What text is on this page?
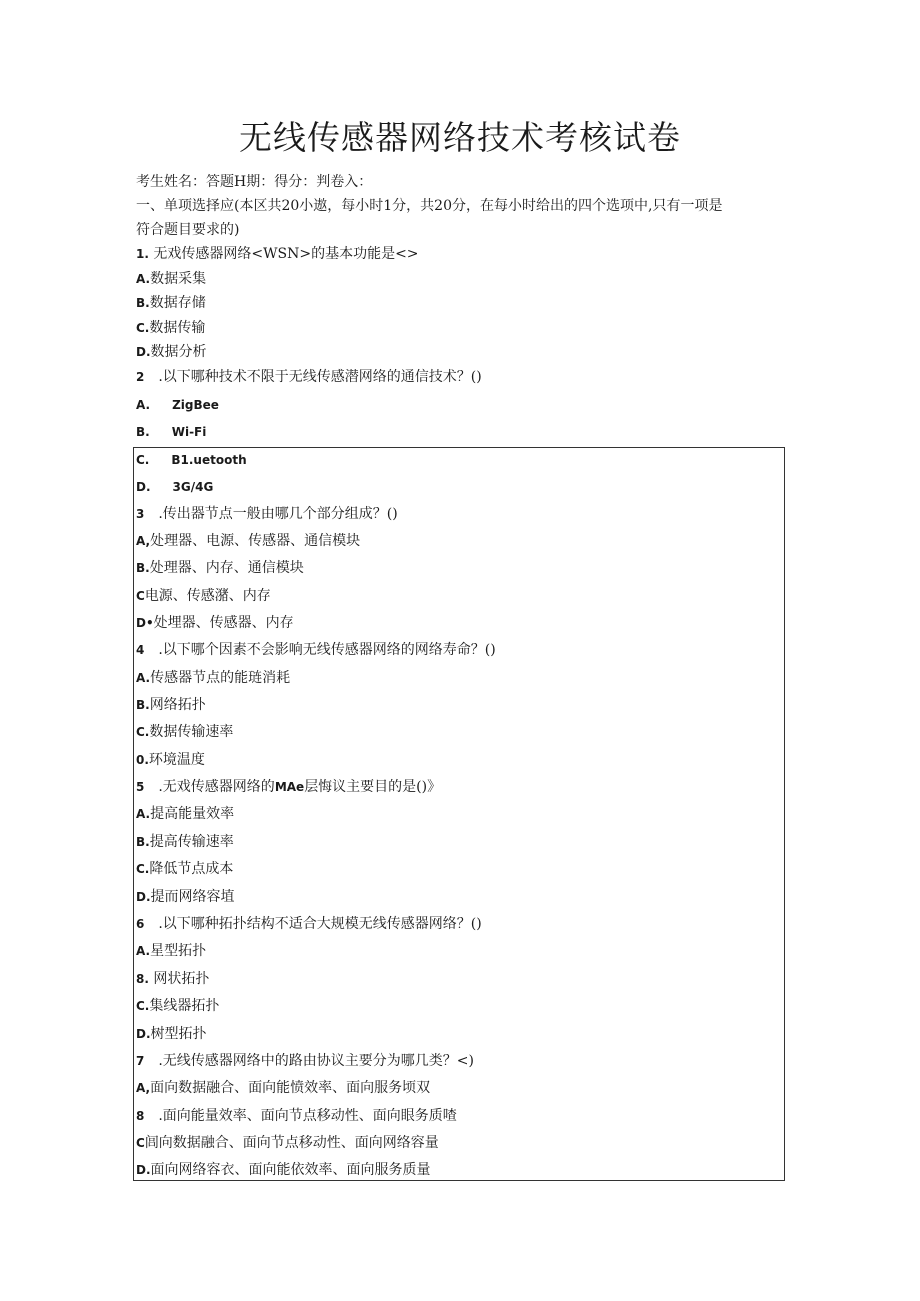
无线传感器网络技术考核试卷
考生姓名：答题H期：得分：判卷入：
一、单项选择应(本区共20小遨，每小时1分，共20分，在每小时给出的四个选项中,只有一项是
符合题目要求的)
1. 无戏传感器网络<WSN>的基本功能是<>
A.数据采集
B.数据存储
C.数据传输
D.数据分析
2 .以下哪种技术不限于无线传感潜网络的通信技术？()
A. ZigBee
B. Wi-Fi
C. B1.uetooth
D. 3G/4G
3 .传出器节点一般由哪几个部分组成？()
A,处理器、电源、传感器、通信模块
B.处理器、内存、通信模块
C电源、传感潴、内存
D•处埋器、传感器、内存
4 .以下哪个因素不会影响无线传感器网络的网络寿命？()
A.传感器节点的能琏消耗
B.网络拓扑
C.数据传输速率
0.环境温度
5 .无戏传感器网络的MAe层悔议主要目的是()》
A.提高能量效率
B.提高传输速率
C.降低节点成本
D.提而网络容埴
6 .以下哪种拓扑结构不适合大规模无线传感器网络？()
A.星型拓扑
8. 网状拓扑
C.集线器拓扑
D.树型拓扑
7 .无线传感器网络中的路由协议主要分为哪几类？<)
A,面向数据融合、面向能愤效率、面向服务顷双
8 .面向能量效率、面向节点移动性、面向眼务质喳
C闾向数据融合、面向节点移动性、面向网络容量
D.面向网络容衣、面向能依效率、面向服务质量
